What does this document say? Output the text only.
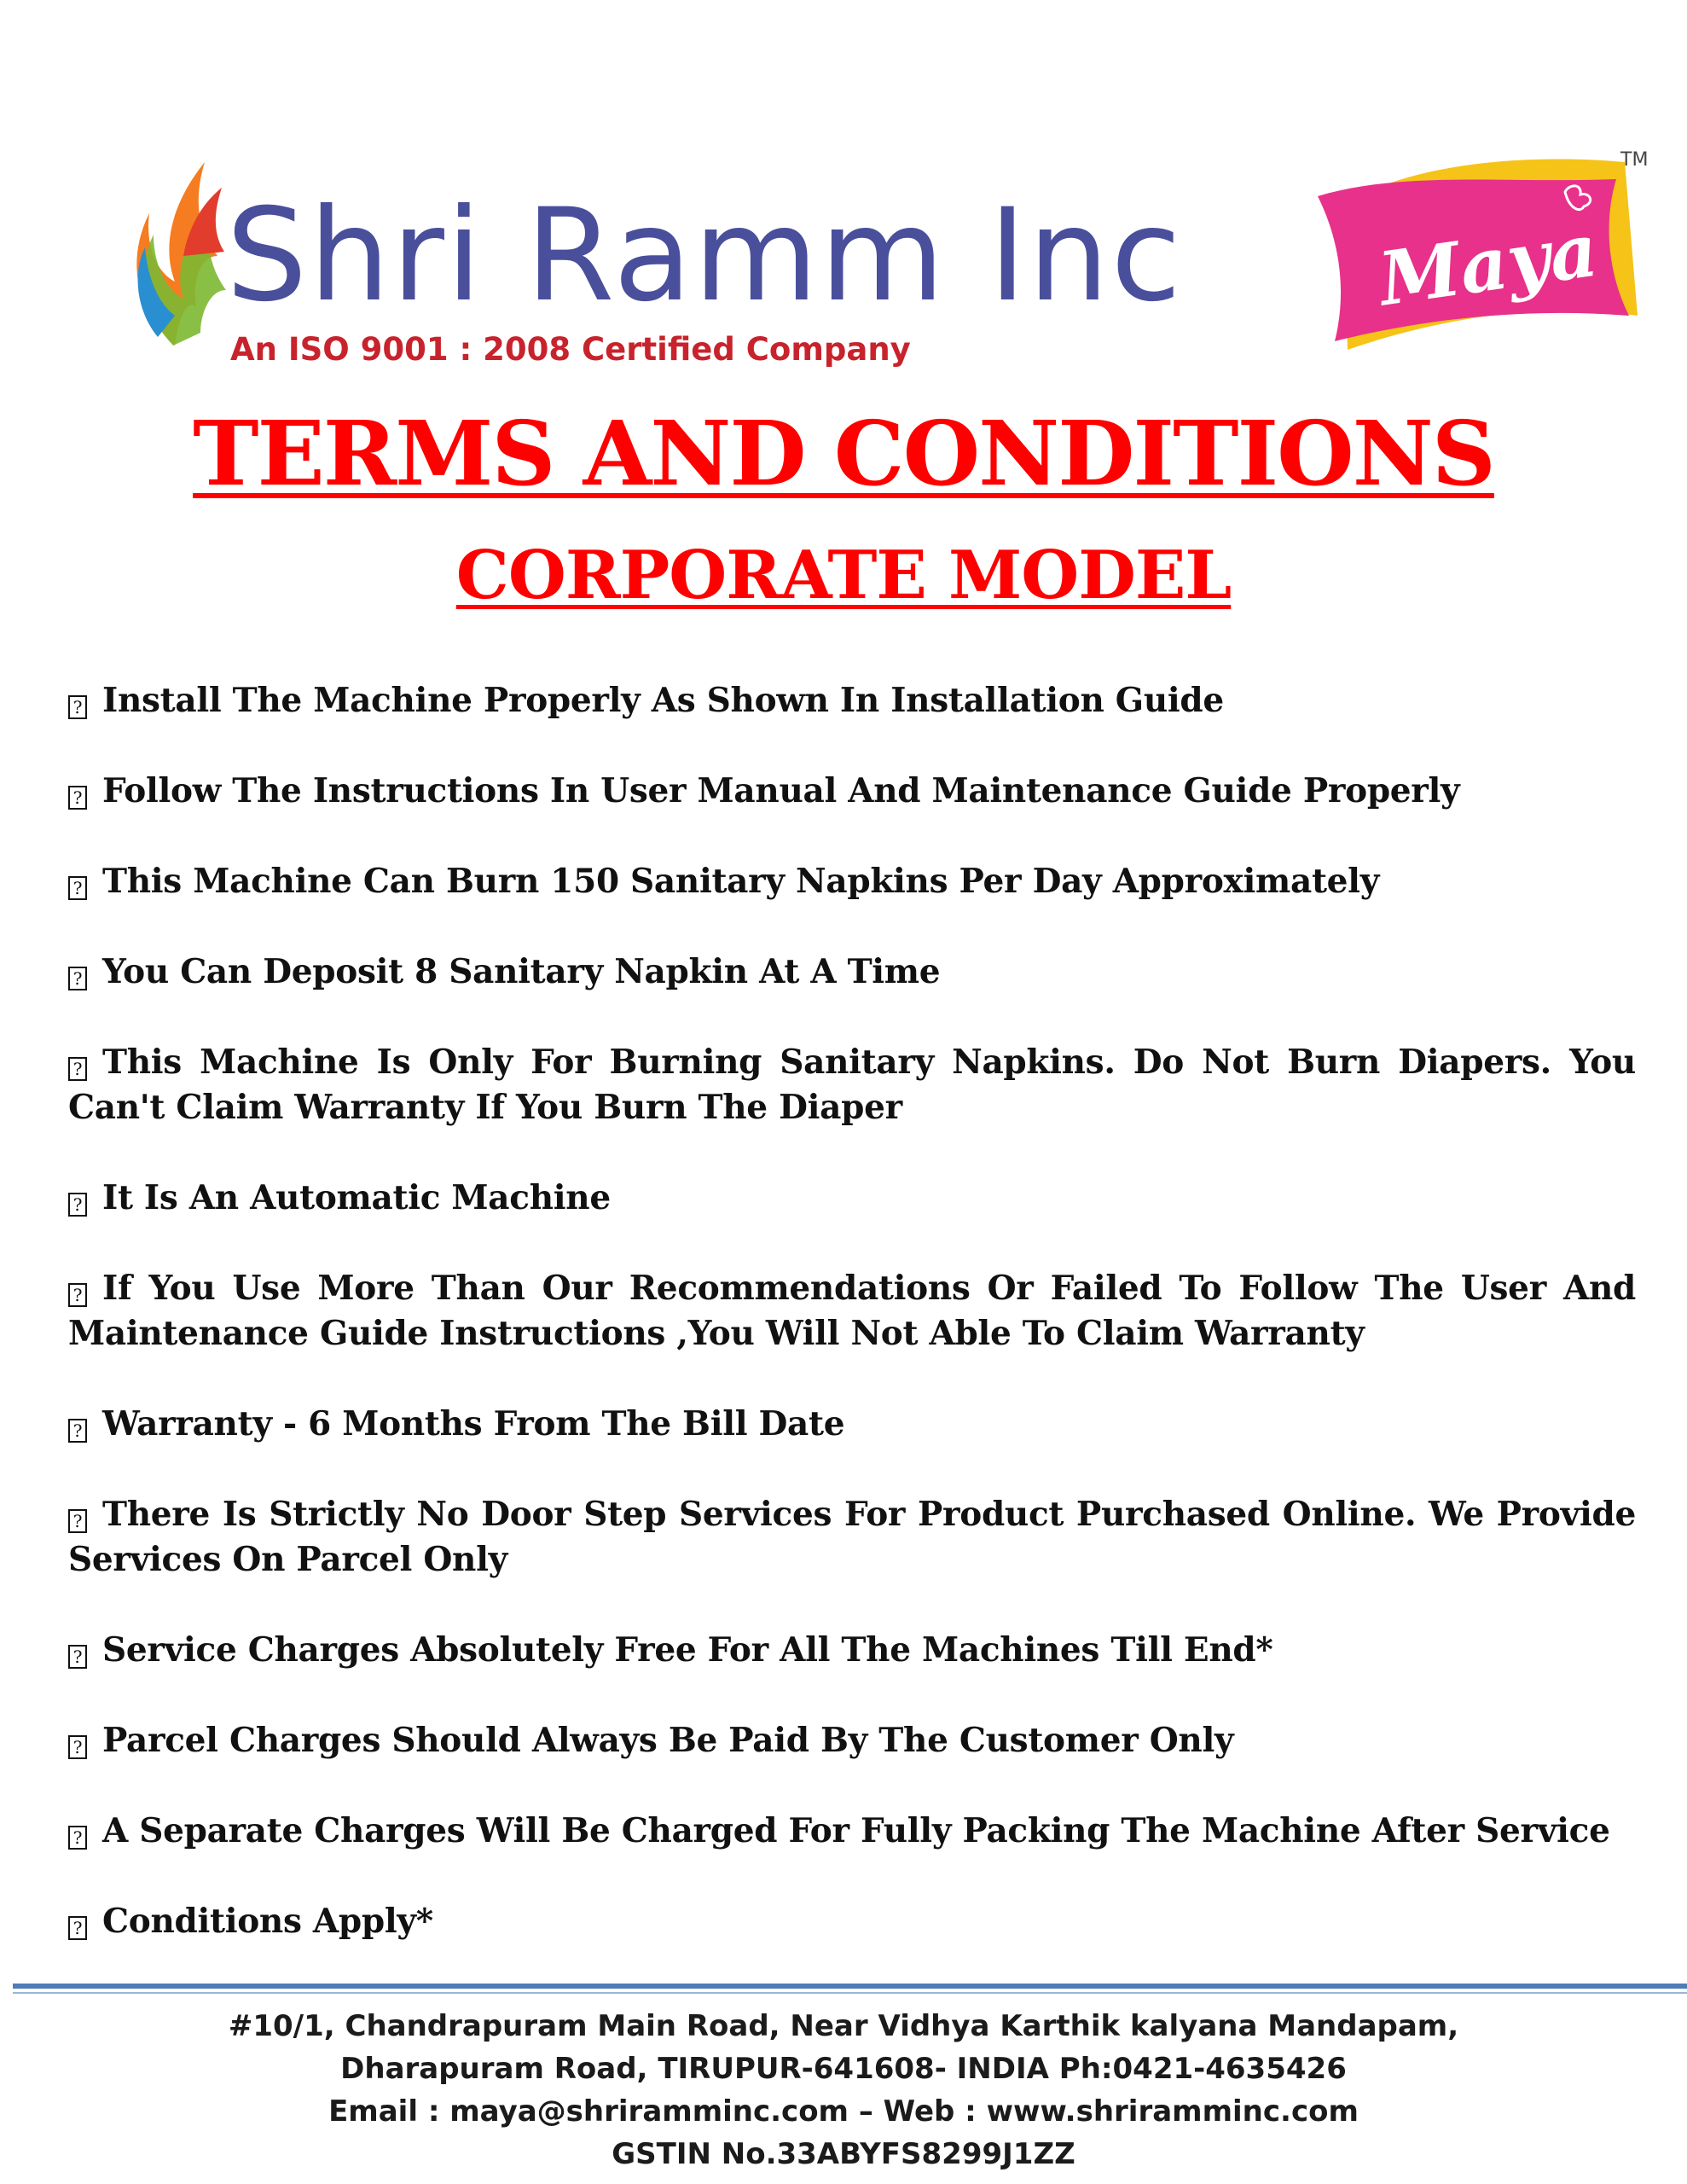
Shri Ramm Inc
An ISO 9001 : 2008 Certified Company
Maya
TM
TERMS AND CONDITIONS
CORPORATE MODEL
? Install The Machine Properly As Shown In Installation Guide
? Follow The Instructions In User Manual And Maintenance Guide Properly
? This Machine Can Burn 150 Sanitary Napkins Per Day Approximately
? You Can Deposit 8 Sanitary Napkin At A Time
? This Machine Is Only For Burning Sanitary Napkins. Do Not Burn Diapers. You Can't Claim Warranty If You Burn The Diaper
? It Is An Automatic Machine
? If You Use More Than Our Recommendations Or Failed To Follow The User And Maintenance Guide Instructions ,You Will Not Able To Claim Warranty
? Warranty - 6 Months From The Bill Date
? There Is Strictly No Door Step Services For Product Purchased Online. We Provide Services On Parcel Only
? Service Charges Absolutely Free For All The Machines Till End*
? Parcel Charges Should Always Be Paid By The Customer Only
? A Separate Charges Will Be Charged For Fully Packing The Machine After Service
? Conditions Apply*
#10/1, Chandrapuram Main Road, Near Vidhya Karthik kalyana Mandapam,
Dharapuram Road, TIRUPUR-641608- INDIA Ph:0421-4635426
Email : maya@shriramminc.com – Web : www.shriramminc.com
GSTIN No.33ABYFS8299J1ZZ
